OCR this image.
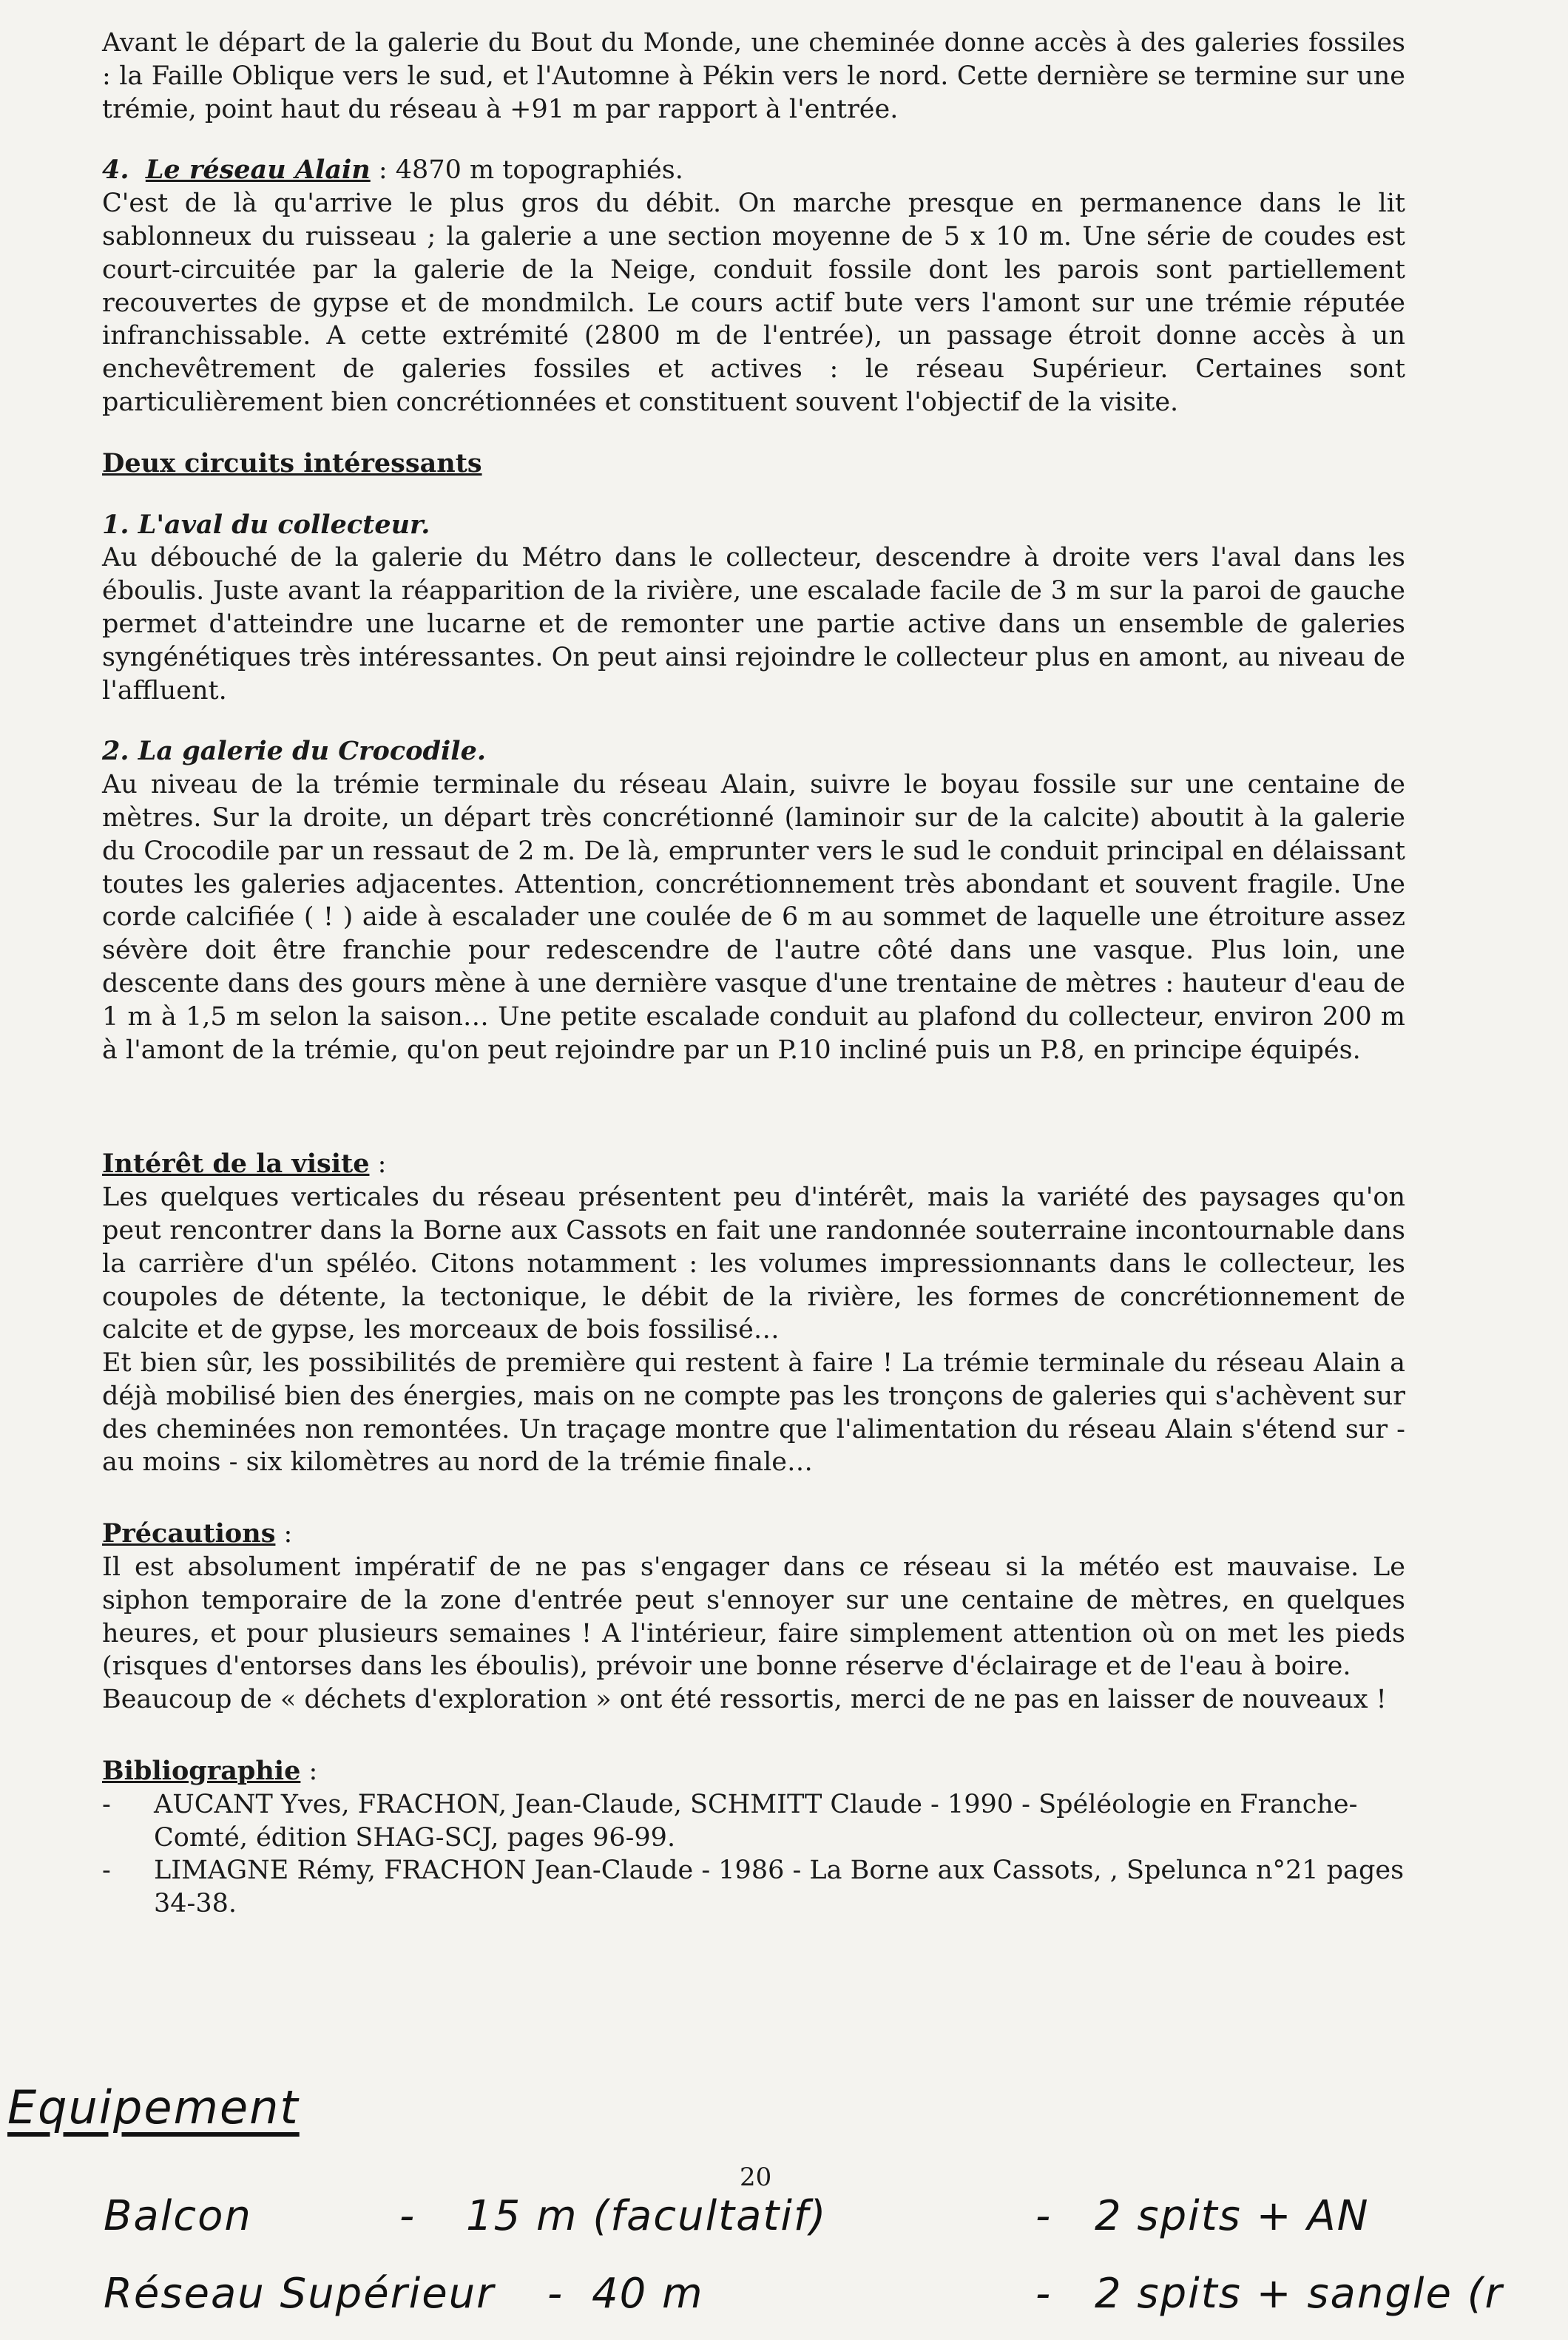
Avant le départ de la galerie du Bout du Monde, une cheminée donne accès à des galeries fossiles : la Faille Oblique vers le sud, et l'Automne à Pékin vers le nord. Cette dernière se termine sur une trémie, point haut du réseau à +91 m par rapport à l'entrée.

4. Le réseau Alain : 4870 m topographiés.

C'est de là qu'arrive le plus gros du débit. On marche presque en permanence dans le lit sablonneux du ruisseau ; la galerie a une section moyenne de 5 x 10 m. Une série de coudes est court-circuitée par la galerie de la Neige, conduit fossile dont les parois sont partiellement recouvertes de gypse et de mondmilch. Le cours actif bute vers l'amont sur une trémie réputée infranchissable. A cette extrémité (2800 m de l'entrée), un passage étroit donne accès à un enchevêtrement de galeries fossiles et actives : le réseau Supérieur. Certaines sont particulièrement bien concrétionnées et constituent souvent l'objectif de la visite.

Deux circuits intéressants

1. L'aval du collecteur.

Au débouché de la galerie du Métro dans le collecteur, descendre à droite vers l'aval dans les éboulis. Juste avant la réapparition de la rivière, une escalade facile de 3 m sur la paroi de gauche permet d'atteindre une lucarne et de remonter une partie active dans un ensemble de galeries syngénétiques très intéressantes. On peut ainsi rejoindre le collecteur plus en amont, au niveau de l'affluent.

2. La galerie du Crocodile.

Au niveau de la trémie terminale du réseau Alain, suivre le boyau fossile sur une centaine de mètres. Sur la droite, un départ très concrétionné (laminoir sur de la calcite) aboutit à la galerie du Crocodile par un ressaut de 2 m. De là, emprunter vers le sud le conduit principal en délaissant toutes les galeries adjacentes. Attention, concrétionnement très abondant et souvent fragile. Une corde calcifiée ( ! ) aide à escalader une coulée de 6 m au sommet de laquelle une étroiture assez sévère doit être franchie pour redescendre de l'autre côté dans une vasque. Plus loin, une descente dans des gours mène à une dernière vasque d'une trentaine de mètres : hauteur d'eau de 1 m à 1,5 m selon la saison… Une petite escalade conduit au plafond du collecteur, environ 200 m à l'amont de la trémie, qu'on peut rejoindre par un P.10 incliné puis un P.8, en principe équipés.

Intérêt de la visite :

Les quelques verticales du réseau présentent peu d'intérêt, mais la variété des paysages qu'on peut rencontrer dans la Borne aux Cassots en fait une randonnée souterraine incontournable dans la carrière d'un spéléo. Citons notamment : les volumes impressionnants dans le collecteur, les coupoles de détente, la tectonique, le débit de la rivière, les formes de concrétionnement de calcite et de gypse, les morceaux de bois fossilisé…

Et bien sûr, les possibilités de première qui restent à faire ! La trémie terminale du réseau Alain a déjà mobilisé bien des énergies, mais on ne compte pas les tronçons de galeries qui s'achèvent sur des cheminées non remontées. Un traçage montre que l'alimentation du réseau Alain s'étend sur - au moins - six kilomètres au nord de la trémie finale…

Précautions :

Il est absolument impératif de ne pas s'engager dans ce réseau si la météo est mauvaise. Le siphon temporaire de la zone d'entrée peut s'ennoyer sur une centaine de mètres, en quelques heures, et pour plusieurs semaines ! A l'intérieur, faire simplement attention où on met les pieds (risques d'entorses dans les éboulis), prévoir une bonne réserve d'éclairage et de l'eau à boire.

Beaucoup de « déchets d'exploration » ont été ressortis, merci de ne pas en laisser de nouveaux !

Bibliographie :

- AUCANT Yves, FRACHON, Jean-Claude, SCHMITT Claude - 1990 - Spéléologie en Franche-Comté, édition SHAG-SCJ, pages 96-99.
- LIMAGNE Rémy, FRACHON Jean-Claude - 1986 - La Borne aux Cassots, , Spelunca n°21 pages 34-38.
Equipement
20
Balcon	- 15 m (facultatif)	- 2 spits + AN
Réseau Supérieur - 40 m	- 2 spits + sangle (r
